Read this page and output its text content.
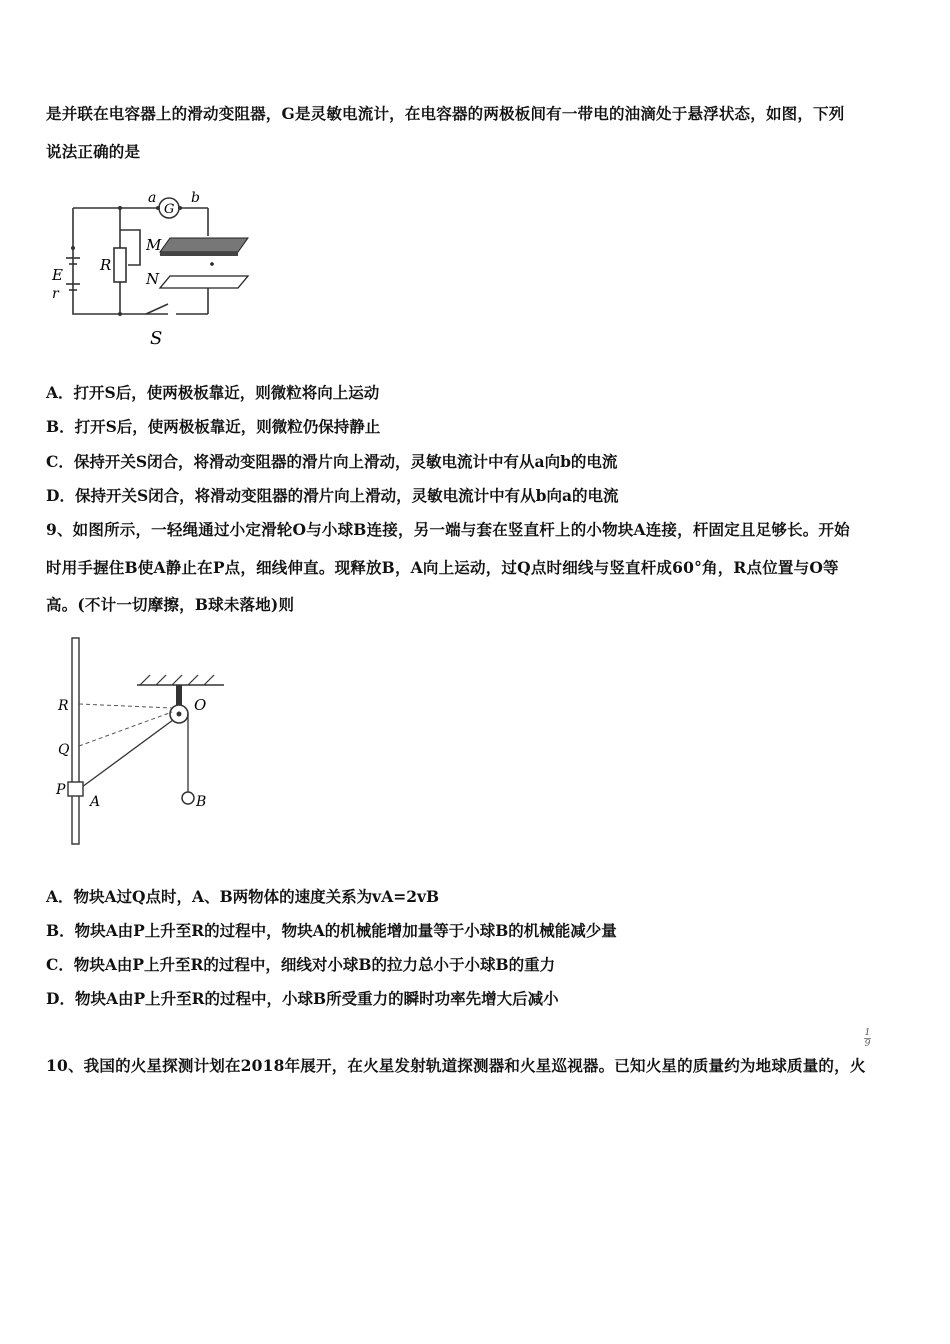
是并联在电容器上的滑动变阻器，G是灵敏电流计，在电容器的两极板间有一带电的油滴处于悬浮状态，如图，下列
说法正确的是
G
a b
M
N
R
E
r
S
A．打开S后，使两极板靠近，则微粒将向上运动
B．打开S后，使两极板靠近，则微粒仍保持静止
C．保持开关S闭合，将滑动变阻器的滑片向上滑动，灵敏电流计中有从a向b的电流
D．保持开关S闭合，将滑动变阻器的滑片向上滑动，灵敏电流计中有从b向a的电流
9、如图所示，一轻绳通过小定滑轮O与小球B连接，另一端与套在竖直杆上的小物块A连接，杆固定且足够长。开始
时用手握住B使A静止在P点，细线伸直。现释放B，A向上运动，过Q点时细线与竖直杆成60°角，R点位置与O等
高。(不计一切摩擦，B球未落地)则
R
Q
P
A
O
B
A．物块A过Q点时，A、B两物体的速度关系为vA=2vB
B．物块A由P上升至R的过程中，物块A的机械能增加量等于小球B的机械能减少量
C．物块A由P上升至R的过程中，细线对小球B的拉力总小于小球B的重力
D．物块A由P上升至R的过程中，小球B所受重力的瞬时功率先增大后减小
1
9
10、我国的火星探测计划在2018年展开，在火星发射轨道探测器和火星巡视器。已知火星的质量约为地球质量的，火
